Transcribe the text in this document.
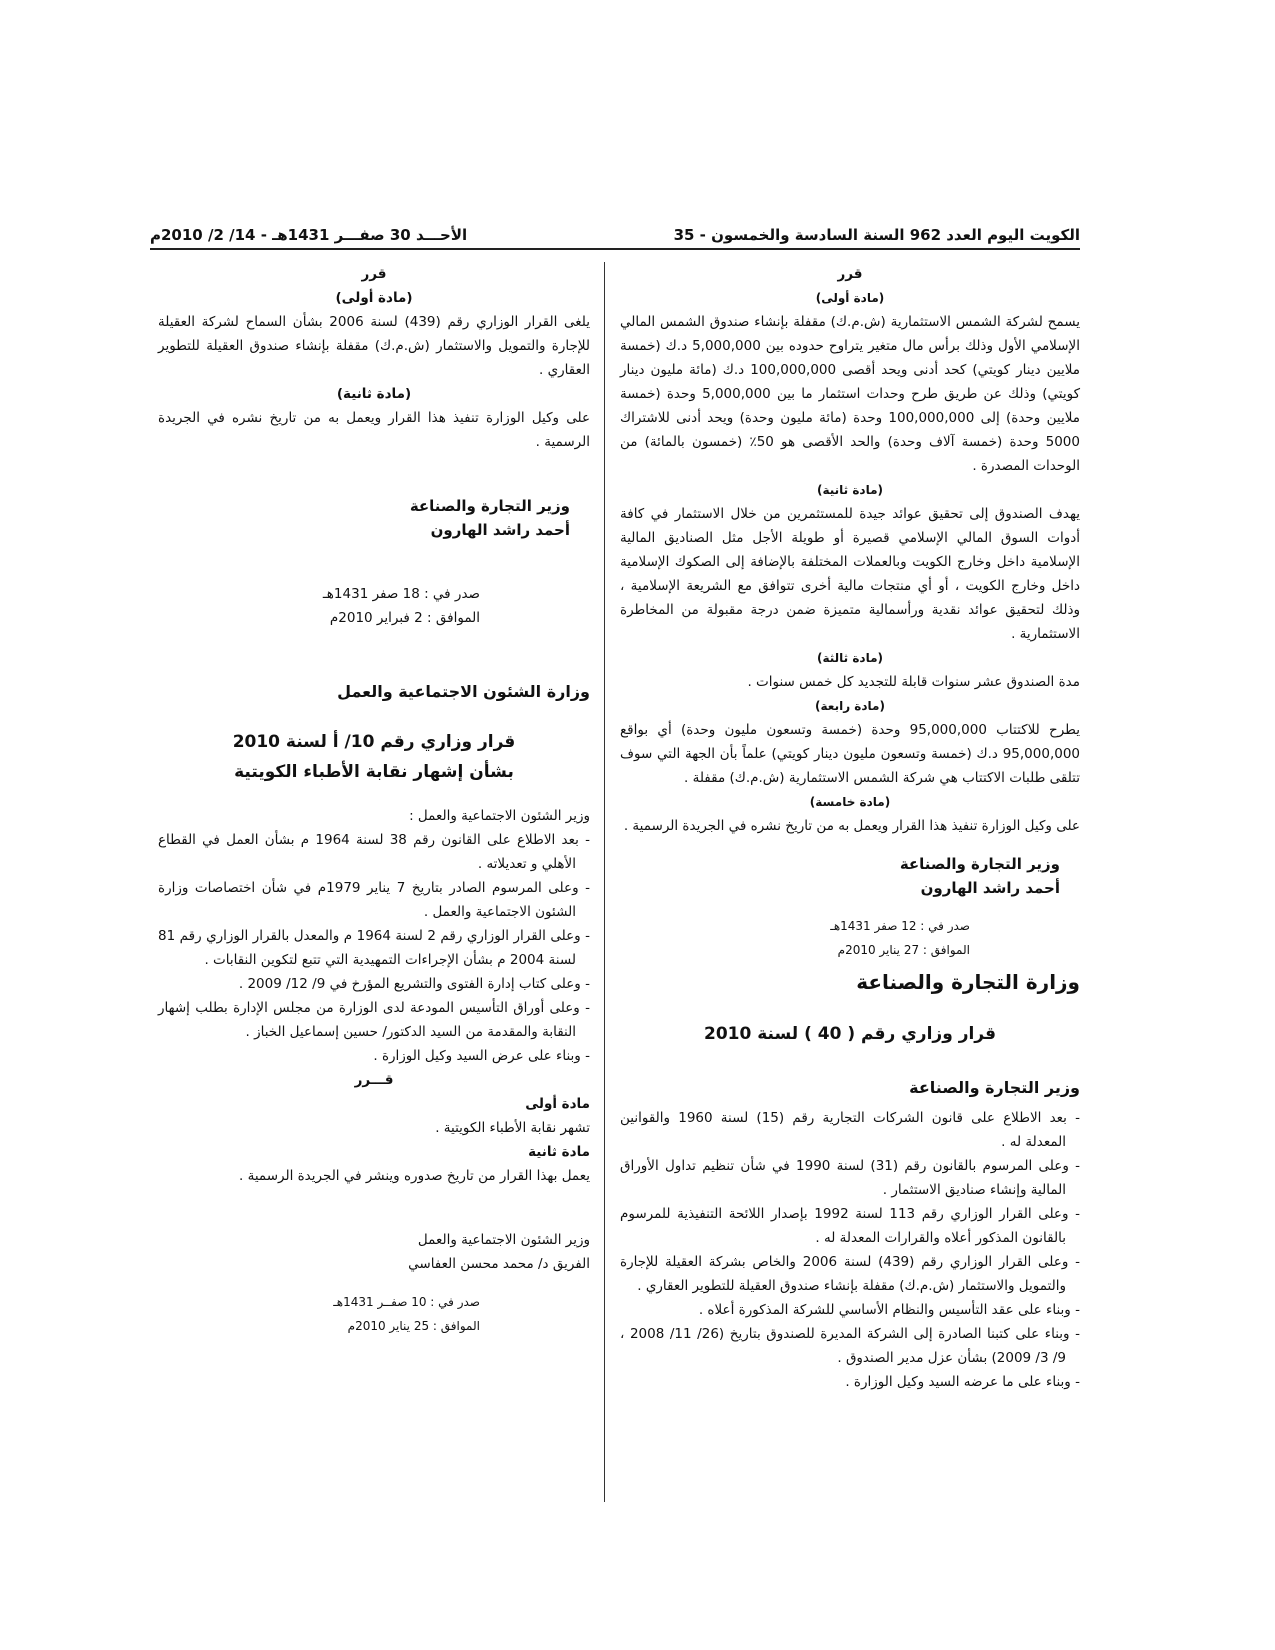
الكويت اليوم العدد 962 السنة السادسة والخمسون - 35
الأحـــد 30 صفـــر 1431هـ - 14/ 2/ 2010م

قرر

(مادة أولى)

يسمح لشركة الشمس الاستثمارية (ش.م.ك) مقفلة بإنشاء صندوق الشمس المالي الإسلامي الأول وذلك برأس مال متغير يتراوح حدوده بين 5,000,000 د.ك (خمسة ملايين دينار كويتي) كحد أدنى ويحد أقصى 100,000,000 د.ك (مائة مليون دينار كويتي) وذلك عن طريق طرح وحدات استثمار ما بين 5,000,000 وحدة (خمسة ملايين وحدة) إلى 100,000,000 وحدة (مائة مليون وحدة) ويحد أدنى للاشتراك 5000 وحدة (خمسة آلاف وحدة) والحد الأقصى هو 50٪ (خمسون بالمائة) من الوحدات المصدرة .

(مادة ثانية)

يهدف الصندوق إلى تحقيق عوائد جيدة للمستثمرين من خلال الاستثمار في كافة أدوات السوق المالي الإسلامي قصيرة أو طويلة الأجل مثل الصناديق المالية الإسلامية داخل وخارج الكويت وبالعملات المختلفة بالإضافة إلى الصكوك الإسلامية داخل وخارج الكويت ، أو أي منتجات مالية أخرى تتوافق مع الشريعة الإسلامية ، وذلك لتحقيق عوائد نقدية ورأسمالية متميزة ضمن درجة مقبولة من المخاطرة الاستثمارية .

(مادة ثالثة)

مدة الصندوق عشر سنوات قابلة للتجديد كل خمس سنوات .

(مادة رابعة)

يطرح للاكتتاب 95,000,000 وحدة (خمسة وتسعون مليون وحدة) أي بواقع 95,000,000 د.ك (خمسة وتسعون مليون دينار كويتي) علماً بأن الجهة التي سوف تتلقى طلبات الاكتتاب هي شركة الشمس الاستثمارية (ش.م.ك) مقفلة .

(مادة خامسة)

على وكيل الوزارة تنفيذ هذا القرار ويعمل به من تاريخ نشره في الجريدة الرسمية .

وزير التجارة والصناعة

أحمد راشد الهارون

صدر في : 12 صفر 1431هـ

الموافق : 27 يناير 2010م

وزارة التجارة والصناعة

قرار وزاري رقم ( 40 ) لسنة 2010

وزير التجارة والصناعة

- بعد الاطلاع على قانون الشركات التجارية رقم (15) لسنة 1960 والقوانين المعدلة له .

- وعلى المرسوم بالقانون رقم (31) لسنة 1990 في شأن تنظيم تداول الأوراق المالية وإنشاء صناديق الاستثمار .

- وعلى القرار الوزاري رقم 113 لسنة 1992 بإصدار اللائحة التنفيذية للمرسوم بالقانون المذكور أعلاه والقرارات المعدلة له .

- وعلى القرار الوزاري رقم (439) لسنة 2006 والخاص بشركة العقيلة للإجارة والتمويل والاستثمار (ش.م.ك) مقفلة بإنشاء صندوق العقيلة للتطوير العقاري .

- وبناء على عقد التأسيس والنظام الأساسي للشركة المذكورة أعلاه .

- وبناء على كتبنا الصادرة إلى الشركة المديرة للصندوق بتاريخ (26/ 11/ 2008 ، 9/ 3/ 2009) بشأن عزل مدير الصندوق .

- وبناء على ما عرضه السيد وكيل الوزارة .

قرر

(مادة أولى)

يلغى القرار الوزاري رقم (439) لسنة 2006 بشأن السماح لشركة العقيلة للإجارة والتمويل والاستثمار (ش.م.ك) مقفلة بإنشاء صندوق العقيلة للتطوير العقاري .

(مادة ثانية)

على وكيل الوزارة تنفيذ هذا القرار ويعمل به من تاريخ نشره في الجريدة الرسمية .

وزير التجارة والصناعة

أحمد راشد الهارون

صدر في : 18 صفر 1431هـ

الموافق : 2 فبراير 2010م

وزارة الشئون الاجتماعية والعمل

قرار وزاري رقم 10/ أ لسنة 2010

بشأن إشهار نقابة الأطباء الكويتية

وزير الشئون الاجتماعية والعمل :

- بعد الاطلاع على القانون رقم 38 لسنة 1964 م بشأن العمل في القطاع الأهلي و تعديلاته .

- وعلى المرسوم الصادر بتاريخ 7 يناير 1979م في شأن اختصاصات وزارة الشئون الاجتماعية والعمل .

- وعلى القرار الوزاري رقم 2 لسنة 1964 م والمعدل بالقرار الوزاري رقم 81 لسنة 2004 م بشأن الإجراءات التمهيدية التي تتبع لتكوين النقابات .

- وعلى كتاب إدارة الفتوى والتشريع المؤرخ في 9/ 12/ 2009 .

- وعلى أوراق التأسيس المودعة لدى الوزارة من مجلس الإدارة بطلب إشهار النقابة والمقدمة من السيد الدكتور/ حسين إسماعيل الخباز .

- وبناء على عرض السيد وكيل الوزارة .

قـــرر

مادة أولى

تشهر نقابة الأطباء الكويتية .

مادة ثانية

يعمل بهذا القرار من تاريخ صدوره وينشر في الجريدة الرسمية .

وزير الشئون الاجتماعية والعمل

الفريق د/ محمد محسن العفاسي

صدر في : 10 صفــر 1431هـ

الموافق : 25 يناير 2010م
